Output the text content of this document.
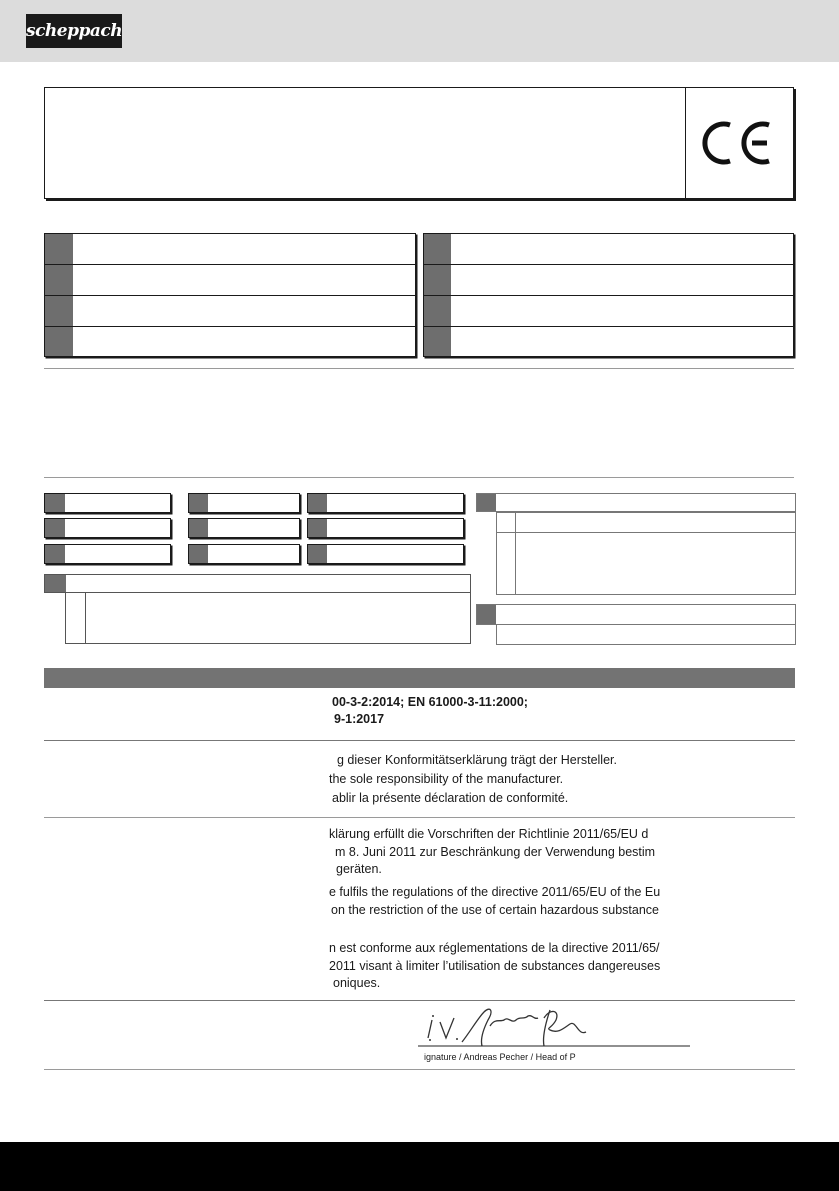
scheppach
00-3-2:2014; EN 61000-3-11:2000;
9-1:2017
g dieser Konformitätserklärung trägt der Hersteller.
the sole responsibility of the manufacturer.
ablir la présente déclaration de conformité.
klärung erfüllt die Vorschriften der Richtlinie 2011/65/EU d
m 8. Juni 2011 zur Beschränkung der Verwendung bestim
geräten.
e fulfils the regulations of the directive 2011/65/EU of the Eu
on the restriction of the use of certain hazardous substance
n est conforme aux réglementations de la directive 2011/65/
2011 visant à limiter l’utilisation de substances dangereuses
oniques.
ignature / Andreas Pecher / Head of P
